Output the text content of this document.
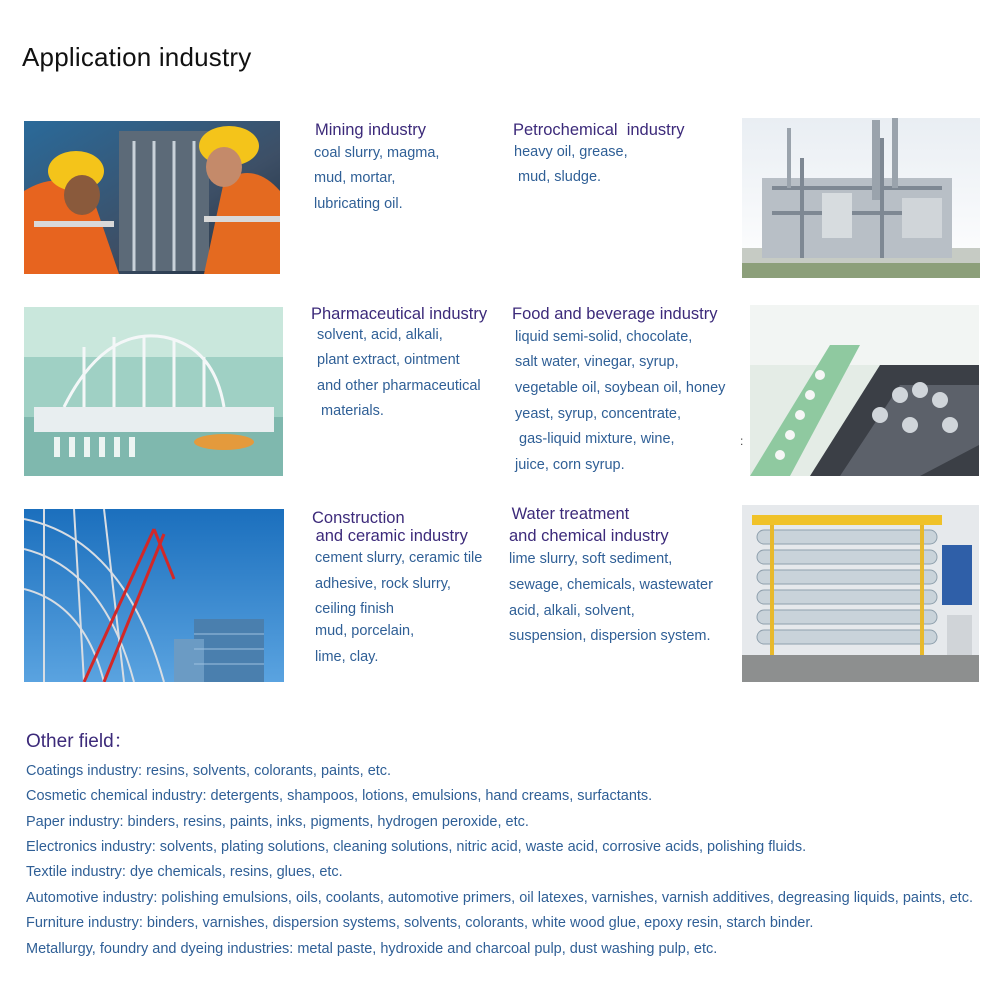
Application industry
Mining industry
coal slurry, magma,
mud, mortar,
lubricating oil.
Petrochemical  industry
heavy oil, grease,
mud, sludge.
Pharmaceutical industry
solvent, acid, alkali,
plant extract, ointment
and other pharmaceutical
materials.
Food and beverage industry
liquid semi-solid, chocolate,
salt water, vinegar, syrup,
vegetable oil, soybean oil, honey
yeast, syrup, concentrate,
gas-liquid mixture, wine,
juice, corn syrup.
:
Construction
and ceramic industry
cement slurry, ceramic tile
adhesive, rock slurry,
ceiling finish
mud, porcelain,
lime, clay.
Water treatment
and chemical industry
lime slurry, soft sediment,
sewage, chemicals, wastewater
acid, alkali, solvent,
suspension, dispersion system.
Other field：
Coatings industry: resins, solvents, colorants, paints, etc.
Cosmetic chemical industry: detergents, shampoos, lotions, emulsions, hand creams, surfactants.
Paper industry: binders, resins, paints, inks, pigments, hydrogen peroxide, etc.
Electronics industry: solvents, plating solutions, cleaning solutions, nitric acid, waste acid, corrosive acids, polishing fluids.
Textile industry: dye chemicals, resins, glues, etc.
Automotive industry: polishing emulsions, oils, coolants, automotive primers, oil latexes, varnishes, varnish additives, degreasing liquids, paints, etc.
Furniture industry: binders, varnishes, dispersion systems, solvents, colorants, white wood glue, epoxy resin, starch binder.
Metallurgy, foundry and dyeing industries: metal paste, hydroxide and charcoal pulp, dust washing pulp, etc.
